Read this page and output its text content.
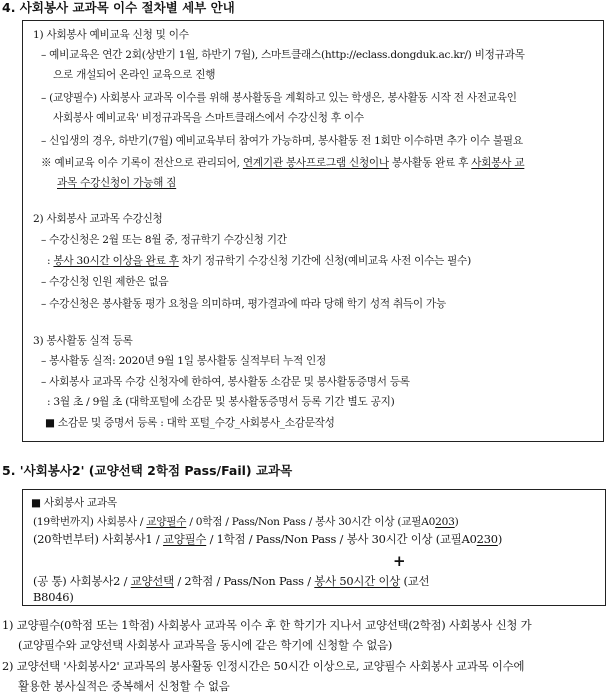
4. 사회봉사 교과목 이수 절차별 세부 안내
1) 사회봉사 예비교육 신청 및 이수
– 예비교육은 연간 2회(상반기 1월, 하반기 7월), 스마트클래스(http://eclass.dongduk.ac.kr/) 비정규과목
으로 개설되어 온라인 교육으로 진행
– (교양필수) 사회봉사 교과목 이수를 위해 봉사활동을 계획하고 있는 학생은, 봉사활동 시작 전 사전교육인
사회봉사 예비교육' 비정규과목을 스마트클래스에서 수강신청 후 이수
– 신입생의 경우, 하반기(7월) 예비교육부터 참여가 가능하며, 봉사활동 전 1회만 이수하면 추가 이수 불필요
※ 예비교육 이수 기록이 전산으로 관리되어, 연계기관 봉사프로그램 신청이나 봉사활동 완료 후 사회봉사 교
과목 수강신청이 가능해 짐
2) 사회봉사 교과목 수강신청
– 수강신청은 2월 또는 8월 중, 정규학기 수강신청 기간
: 봉사 30시간 이상을 완료 후 차기 정규학기 수강신청 기간에 신청(예비교육 사전 이수는 필수)
– 수강신청 인원 제한은 없음
– 수강신청은 봉사활동 평가 요청을 의미하며, 평가결과에 따라 당해 학기 성적 취득이 가능
3) 봉사활동 실적 등록
– 봉사활동 실적: 2020년 9월 1일 봉사활동 실적부터 누적 인정
– 사회봉사 교과목 수강 신청자에 한하여, 봉사활동 소감문 및 봉사활동증명서 등록
: 3월 초 / 9월 초 (대학포털에 소감문 및 봉사활동증명서 등록 기간 별도 공지)
■ 소감문 및 증명서 등록 : 대학 포털_수강_사회봉사_소감문작성
5. '사회봉사2' (교양선택 2학점 Pass/Fail) 교과목
■ 사회봉사 교과목
(19학번까지) 사회봉사 / 교양필수 / 0학점 / Pass/Non Pass / 봉사 30시간 이상 (교필A0203)
(20학번부터) 사회봉사1 / 교양필수 / 1학점 / Pass/Non Pass / 봉사 30시간 이상 (교필A0230)
+
(공 통) 사회봉사2 / 교양선택 / 2학점 / Pass/Non Pass / 봉사 50시간 이상 (교선
B8046)
1) 교양필수(0학점 또는 1학점) 사회봉사 교과목 이수 후 한 학기가 지나서 교양선택(2학점) 사회봉사 신청 가
(교양필수와 교양선택 사회봉사 교과목을 동시에 같은 학기에 신청할 수 없음)
2) 교양선택 '사회봉사2' 교과목의 봉사활동 인정시간은 50시간 이상으로, 교양필수 사회봉사 교과목 이수에
활용한 봉사실적은 중복해서 신청할 수 없음
